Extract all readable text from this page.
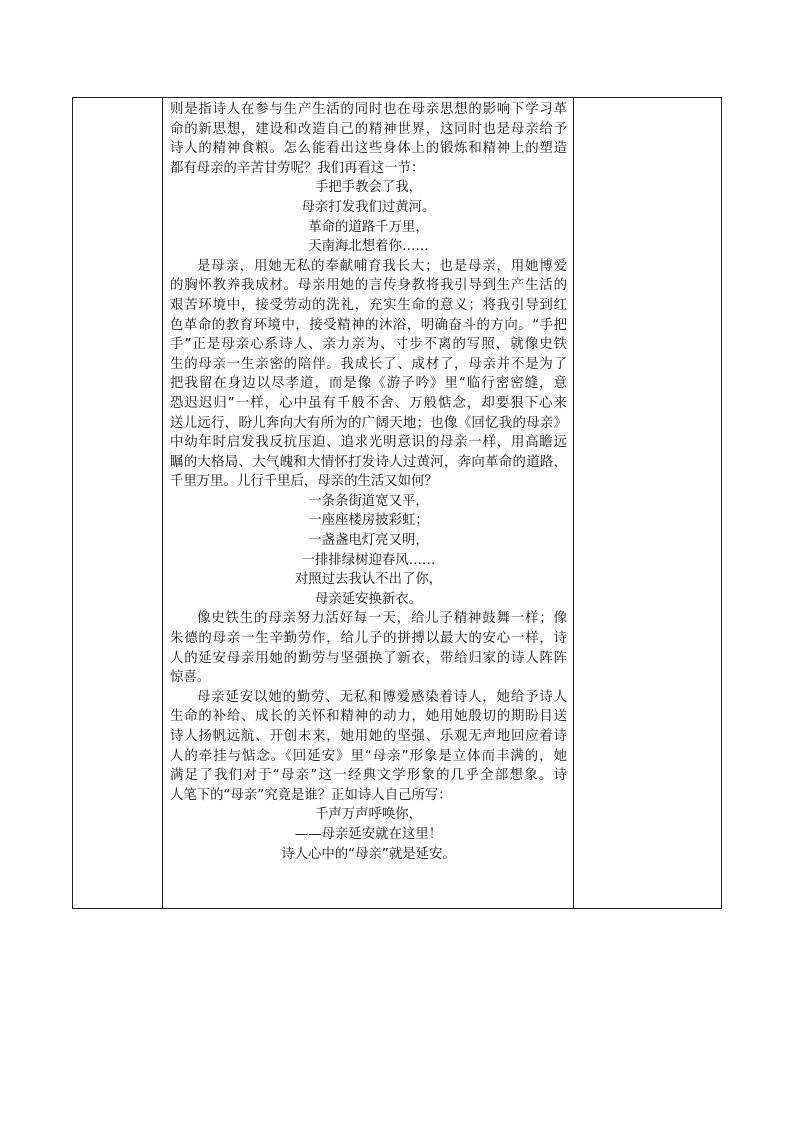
则是指诗人在参与生产生活的同时也在母亲思想的影响下学习革
命的新思想，建设和改造自己的精神世界，这同时也是母亲给予
诗人的精神食粮。怎么能看出这些身体上的锻炼和精神上的塑造
都有母亲的辛苦甘劳呢？我们再看这一节：
手把手教会了我，
母亲打发我们过黄河。
革命的道路千万里，
天南海北想着你……
是母亲，用她无私的奉献哺育我长大；也是母亲，用她博爱
的胸怀教养我成材。母亲用她的言传身教将我引导到生产生活的
艰苦环境中，接受劳动的洗礼，充实生命的意义；将我引导到红
色革命的教育环境中，接受精神的沐浴，明确奋斗的方向。“手把
手”正是母亲心系诗人、亲力亲为、寸步不离的写照，就像史铁
生的母亲一生亲密的陪伴。我成长了、成材了，母亲并不是为了
把我留在身边以尽孝道，而是像《游子吟》里“临行密密缝，意
恐迟迟归”一样，心中虽有千般不舍、万般惦念，却要狠下心来
送儿远行，盼儿奔向大有所为的广阔天地；也像《回忆我的母亲》
中幼年时启发我反抗压迫、追求光明意识的母亲一样，用高瞻远
瞩的大格局、大气魄和大情怀打发诗人过黄河，奔向革命的道路，
千里万里。儿行千里后，母亲的生活又如何？
一条条街道宽又平，
一座座楼房披彩虹；
一盏盏电灯亮又明，
一排排绿树迎春风……
对照过去我认不出了你，
母亲延安换新衣。
像史铁生的母亲努力活好每一天，给儿子精神鼓舞一样；像
朱德的母亲一生辛勤劳作，给儿子的拼搏以最大的安心一样，诗
人的延安母亲用她的勤劳与坚强换了新衣，带给归家的诗人阵阵
惊喜。
母亲延安以她的勤劳、无私和博爱感染着诗人，她给予诗人
生命的补给、成长的关怀和精神的动力，她用她殷切的期盼目送
诗人扬帆远航、开创未来，她用她的坚强、乐观无声地回应着诗
人的牵挂与惦念。《回延安》里“母亲”形象是立体而丰满的，她
满足了我们对于“母亲”这一经典文学形象的几乎全部想象。诗
人笔下的“母亲”究竟是谁？正如诗人自己所写：
千声万声呼唤你，
——母亲延安就在这里！
诗人心中的“母亲”就是延安。
